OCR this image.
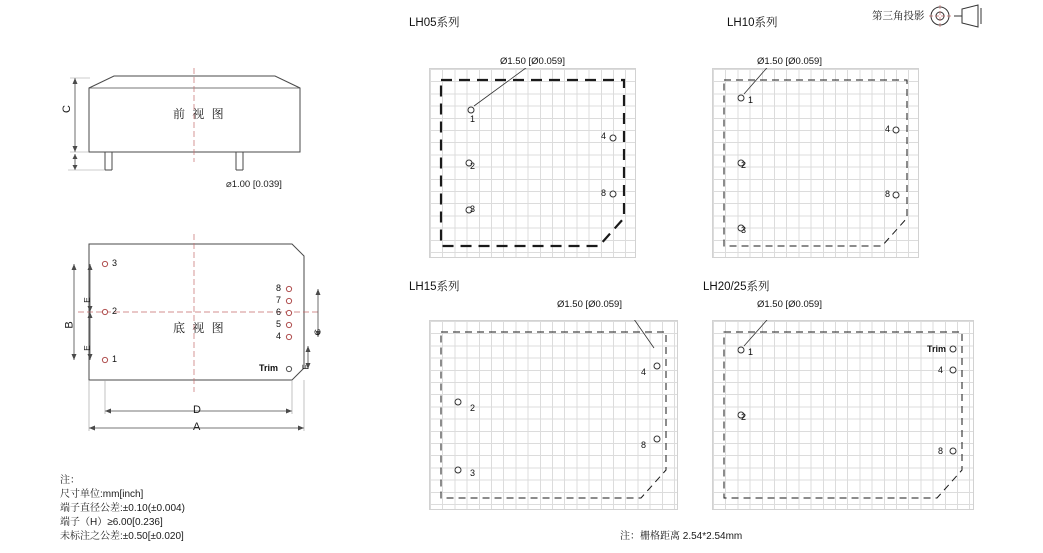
第三角投影
C	前 视 图
⌀1.00 [0.039]
底 视 图
B
E
E
G
F
D
A
3
2
1
8
7
6
5
4
Trim
注：
尺寸单位:mm[inch]
端子直径公差:±0.10(±0.004)
端子（H）≥6.00[0.236]
未标注之公差:±0.50[±0.020]
LH05系列
Ø1.50 [Ø0.059]
1
2
3
4
8
LH10系列
Ø1.50 [Ø0.059]
1
2
3
4
8
LH15系列
Ø1.50 [Ø0.059]
2
3
4
8
LH20/25系列
Ø1.50 [Ø0.059]
1
2
Trim
4
8
注：栅格距离 2.54*2.54mm
